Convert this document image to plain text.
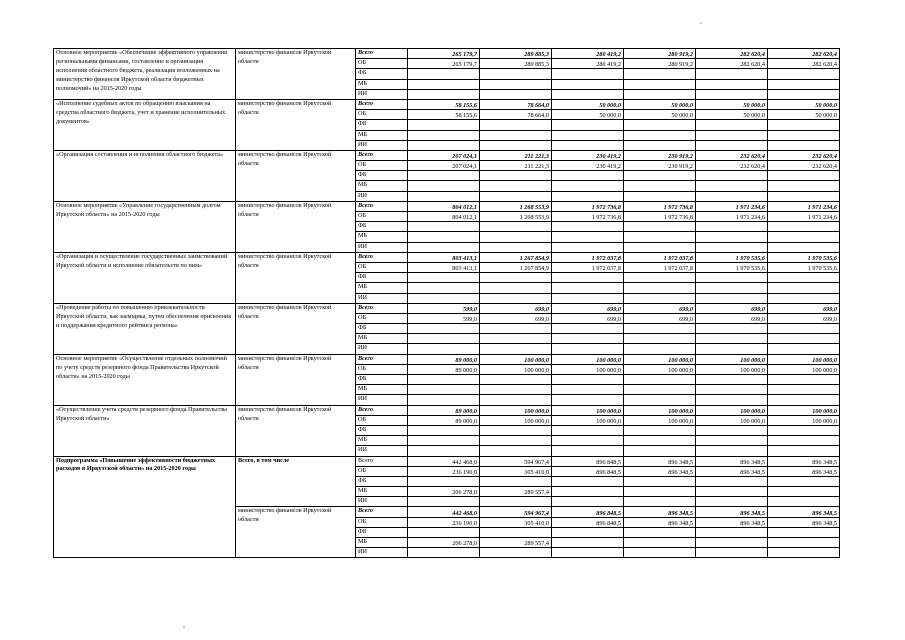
Основное мероприятие «Обеспечение эффективного управления региональными финансами, составление и организация исполнения областного бюджета, реализация возложенных на министерство финансов Иркутской области бюджетных полномочий» на 2015-2020 годы	министерство финансов Иркутской области	Всего	265 179,7	289 885,3	280 419,2	280 919,2	282 620,4	282 620,4
		ОБ	265 179,7	289 885,3	280 419,2	280 919,2	282 620,4	282 620,4
		ФБ						
		МБ						
		ИИ						
«Исполнение судебных актов по обращению взыскания на средства областного бюджета, учет и хранение исполнительных документов»	министерство финансов Иркутской области	Всего	58 155,6	78 664,0	50 000,0	50 000,0	50 000,0	50 000,0
		ОБ	58 155,6	78 664,0	50 000,0	50 000,0	50 000,0	50 000,0
		ФБ						
		МБ						
		ИИ						
«Организация составления и исполнения областного бюджета»	министерство финансов Иркутской области	Всего	207 024,1	211 221,3	230 419,2	230 919,2	232 620,4	232 620,4
		ОБ	207 024,1	211 221,3	230 419,2	230 919,2	232 620,4	232 620,4
		ФБ						
		МБ						
		ИИ						
Основное мероприятие «Управление государственным долгом Иркутской области» на 2015-2020 годы	министерство финансов Иркутской области	Всего	804 012,1	1 268 553,9	1 972 736,8	1 972 736,8	1 971 234,6	1 971 234,6
		ОБ	804 012,1	1 268 553,9	1 972 736,8	1 972 736,8	1 971 234,6	1 971 234,6
		ФБ						
		МБ						
		ИИ						
«Организация и осуществление государственных заимствований Иркутской области и исполнение обязательств по ним»	министерство финансов Иркутской области	Всего	803 413,1	1 267 854,9	1 972 037,8	1 972 037,8	1 970 535,6	1 970 535,6
		ОБ	803 413,1	1 267 854,9	1 972 037,8	1 972 037,8	1 970 535,6	1 970 535,6
		ФБ						
		МБ						
		ИИ						
«Проведение работы по повышению привлекательности Иркутской области, как заемщика, путем обеспечения присвоения и поддержания кредитного рейтинга региона»	министерство финансов Иркутской области	Всего	599,0	699,0	699,0	699,0	699,0	699,0
		ОБ	599,0	699,0	699,0	699,0	699,0	699,0
		ФБ						
		МБ						
		ИИ						
Основное мероприятие «Осуществление отдельных полномочий по учету средств резервного фонда Правительства Иркутской области» на 2015-2020 годы	министерство финансов Иркутской области	Всего	89 000,0	100 000,0	100 000,0	100 000,0	100 000,0	100 000,0
		ОБ	89 000,0	100 000,0	100 000,0	100 000,0	100 000,0	100 000,0
		ФБ						
		МБ						
		ИИ						
«Осуществление учета средств резервного фонда Правительства Иркутской области»	министерство финансов Иркутской области	Всего	89 000,0	100 000,0	100 000,0	100 000,0	100 000,0	100 000,0
		ОБ	89 000,0	100 000,0	100 000,0	100 000,0	100 000,0	100 000,0
		ФБ						
		МБ						
		ИИ						
Подпрограмма «Повышение эффективности бюджетных расходов в Иркутской области» на 2015-2020 годы	Всего, в том числе	Всего	442 468,0	594 967,4	896 848,5	896 348,5	896 348,5	896 348,5
		ОБ	236 190,0	305 410,0	896 848,5	896 348,5	896 348,5	896 348,5
		ФБ						
		МБ	206 278,0	289 557,4				
		ИИ						
	министерство финансов Иркутской области	Всего	442 468,0	594 967,4	896 848,5	896 348,5	896 348,5	896 348,5
		ОБ	236 190,0	305 410,0	896 848,5	896 348,5	896 348,5	896 348,5
		ФБ						
		МБ	206 278,0	289 557,4				
		ИИ						
